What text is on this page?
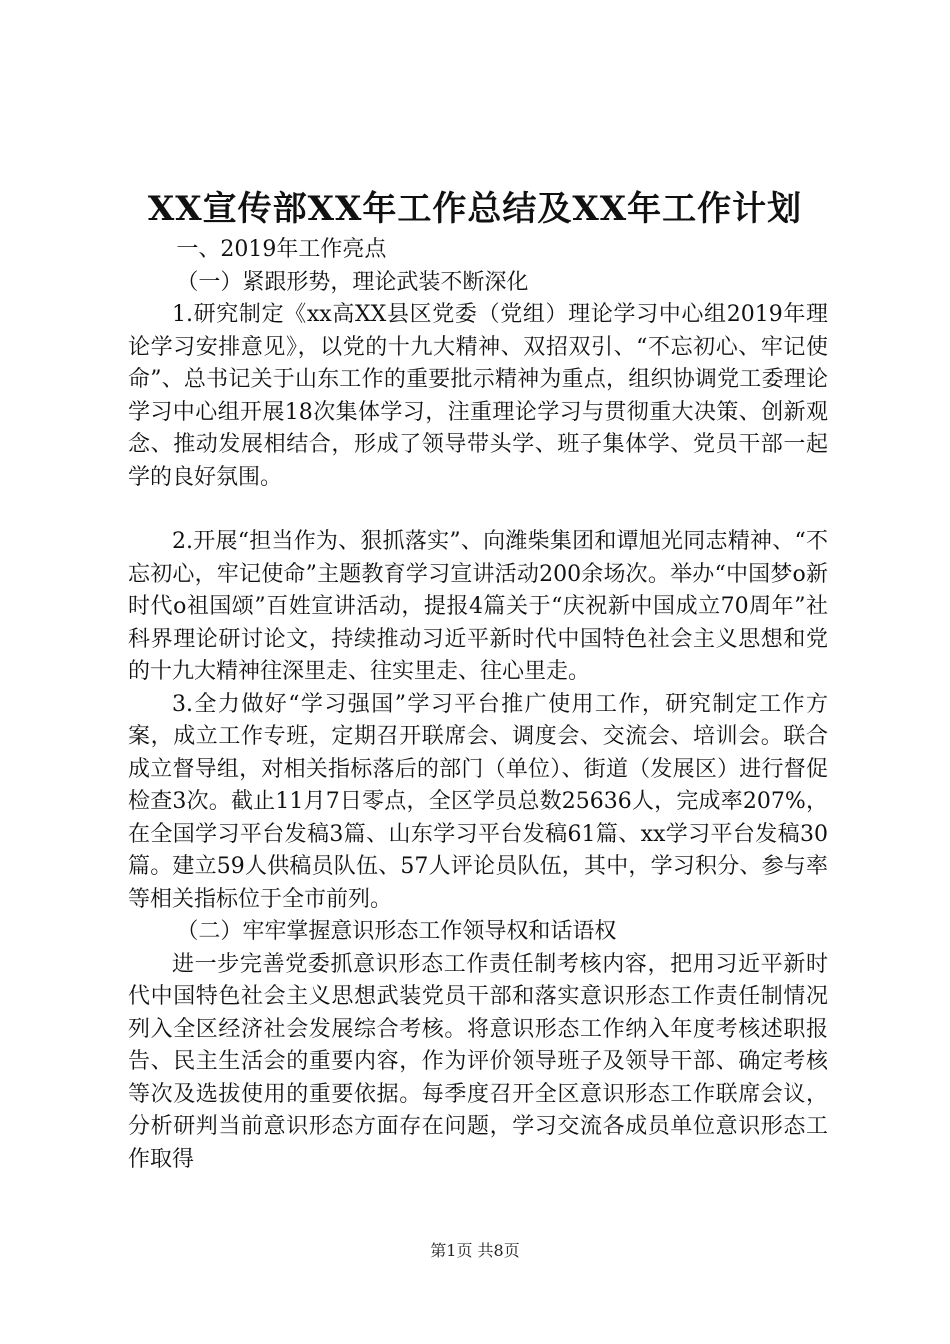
XX宣传部XX年工作总结及XX年工作计划

一、2019年工作亮点

（一）紧跟形势，理论武装不断深化

1.研究制定《xx高XX县区党委（党组）理论学习中心组2019年理论学习安排意见》，以党的十九大精神、双招双引、“不忘初心、牢记使命”、总书记关于山东工作的重要批示精神为重点，组织协调党工委理论学习中心组开展18次集体学习，注重理论学习与贯彻重大决策、创新观念、推动发展相结合，形成了领导带头学、班子集体学、党员干部一起学的良好氛围。

2.开展“担当作为、狠抓落实”、向潍柴集团和谭旭光同志精神、“不忘初心，牢记使命”主题教育学习宣讲活动200余场次。举办“中国梦o新时代o祖国颂”百姓宣讲活动，提报4篇关于“庆祝新中国成立70周年”社科界理论研讨论文，持续推动习近平新时代中国特色社会主义思想和党的十九大精神往深里走、往实里走、往心里走。

3.全力做好“学习强国”学习平台推广使用工作，研究制定工作方案，成立工作专班，定期召开联席会、调度会、交流会、培训会。联合成立督导组，对相关指标落后的部门（单位）、街道（发展区）进行督促检查3次。截止11月7日零点，全区学员总数25636人，完成率207%，在全国学习平台发稿3篇、山东学习平台发稿61篇、xx学习平台发稿30篇。建立59人供稿员队伍、57人评论员队伍，其中，学习积分、参与率等相关指标位于全市前列。

（二）牢牢掌握意识形态工作领导权和话语权

进一步完善党委抓意识形态工作责任制考核内容，把用习近平新时代中国特色社会主义思想武装党员干部和落实意识形态工作责任制情况列入全区经济社会发展综合考核。将意识形态工作纳入年度考核述职报告、民主生活会的重要内容，作为评价领导班子及领导干部、确定考核等次及选拔使用的重要依据。每季度召开全区意识形态工作联席会议，分析研判当前意识形态方面存在问题，学习交流各成员单位意识形态工作取得

第1页 共8页
